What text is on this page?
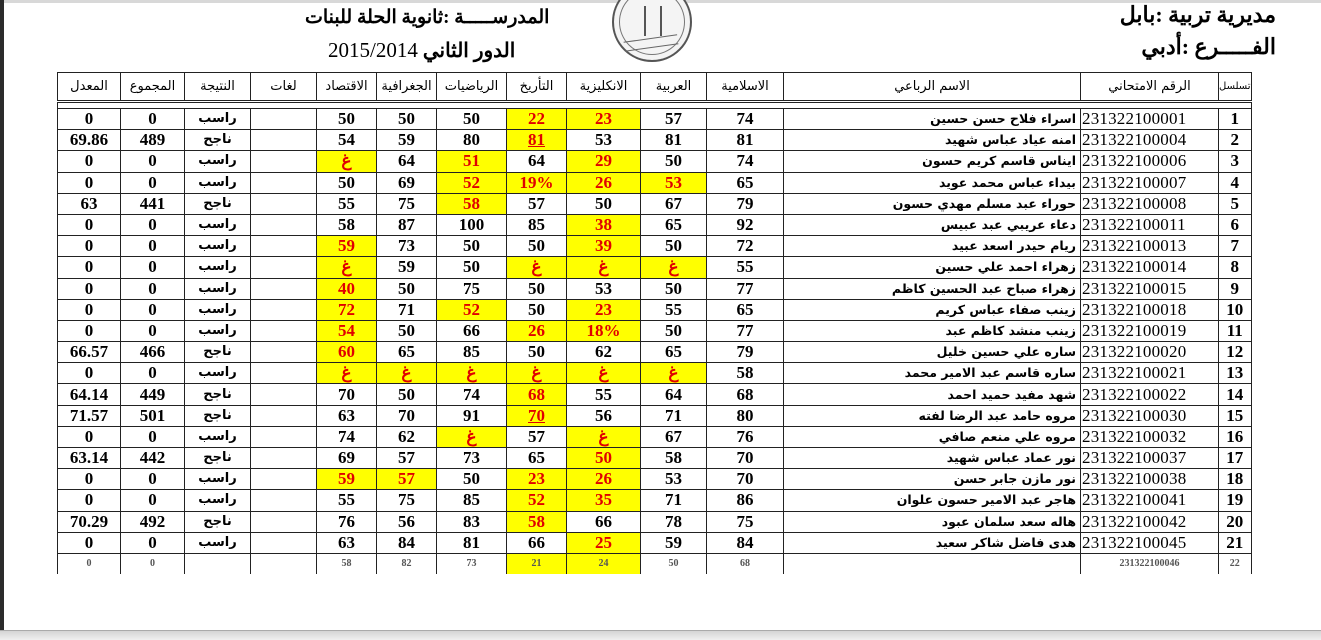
مديرية تربية :بابل
الفـــــرع :أدبي
المدرســـــة :ثانوية الحلة للبنات
الدور الثاني 2015/2014
تسلسل	الرقم الامتحاني	الاسم الرباعي	الاسلامية	العربية	الانكليزية	التأريخ	الرياضيات	الجغرافية	الاقتصاد	لغات	النتيجة	المجموع	المعدل

1	231322100001	اسراء فلاح حسن حسين	74	57	23	22	50	50	50		راسب	0	0
2	231322100004	امنه عياد عباس شهيد	81	81	53	81	80	59	54		ناجح	489	69.86
3	231322100006	ايناس قاسم كريم حسون	74	50	29	64	51	64	غ		راسب	0	0
4	231322100007	بيداء عباس محمد عويد	65	53	26	19%	52	69	50		راسب	0	0
5	231322100008	حوراء عبد مسلم مهدي حسون	79	67	50	57	58	75	55		ناجح	441	63
6	231322100011	دعاء عريبي عبد عبيس	92	65	38	85	100	87	58		راسب	0	0
7	231322100013	ريام حيدر اسعد عبيد	72	50	39	50	50	73	59		راسب	0	0
8	231322100014	زهراء احمد علي حسين	55	غ	غ	غ	50	59	غ		راسب	0	0
9	231322100015	زهراء صباح عبد الحسين كاظم	77	50	53	50	75	50	40		راسب	0	0
10	231322100018	زينب صفاء عباس كريم	65	55	23	50	52	71	72		راسب	0	0
11	231322100019	زينب منشد كاظم عبد	77	50	18%	26	66	50	54		راسب	0	0
12	231322100020	ساره علي حسين خليل	79	65	62	50	85	65	60		ناجح	466	66.57
13	231322100021	ساره قاسم عبد الامير محمد	58	غ	غ	غ	غ	غ	غ		راسب	0	0
14	231322100022	شهد مفيد حميد احمد	68	64	55	68	74	50	70		ناجح	449	64.14
15	231322100030	مروه حامد عبد الرضا لفته	80	71	56	70	91	70	63		ناجح	501	71.57
16	231322100032	مروه علي منعم صافي	76	67	غ	57	غ	62	74		راسب	0	0
17	231322100037	نور عماد عباس شهيد	70	58	50	65	73	57	69		ناجح	442	63.14
18	231322100038	نور مازن جابر حسن	70	53	26	23	50	57	59		راسب	0	0
19	231322100041	هاجر عبد الامير حسون علوان	86	71	35	52	85	75	55		راسب	0	0
20	231322100042	هاله سعد سلمان عبود	75	78	66	58	83	56	76		ناجح	492	70.29
21	231322100045	هدى فاضل شاكر سعيد	84	59	25	66	81	84	63		راسب	0	0
22	231322100046		68	50	24	21	73	82	58			0	0
